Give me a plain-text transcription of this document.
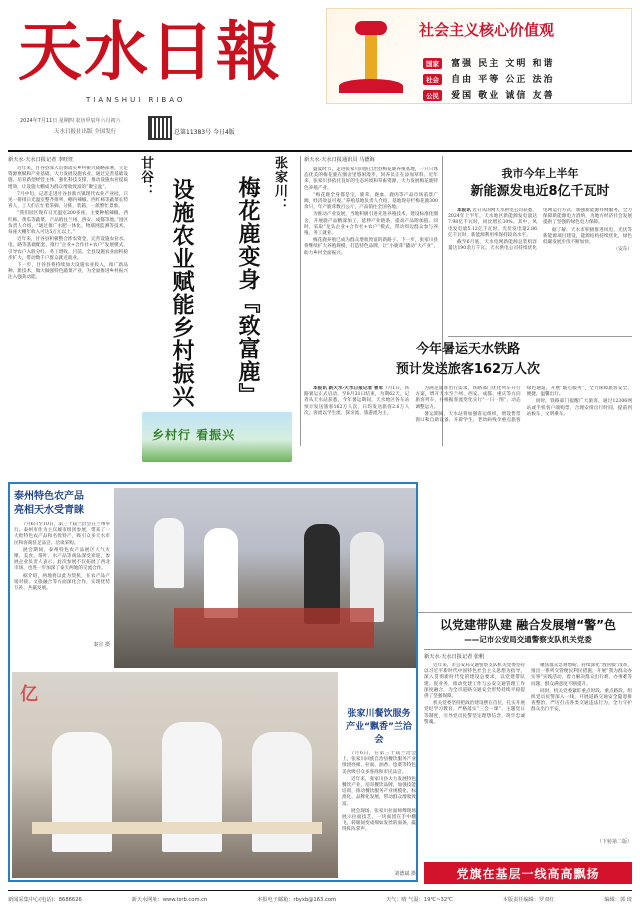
天水日報
TIANSHUI RIBAO
2024年7月11日 星期四 农历甲辰年六月初六
天水日报社出版 全国发行	总第11383号 今日4版
社会主义核心价值观
国家 富强 民主 文明 和谐
社会 自由 平等 公正 法治
公民 爱国 敬业 诚信 友善
新天水·天水日报记者 李旺旺

近年来，甘谷县深入贯彻落实乡村振兴战略部署，立足资源禀赋和产业基础，大力发展设施农业，通过完善基础设施、培育新型经营主体、强化科技支撑，推动设施农业提质增效，让设施大棚成为群众增收致富的“聚宝盆”。

7月中旬，记者走进甘谷县新兴镇现代农业产业园，只见一排排日光温室整齐排列，棚内辣椒、西红柿等蔬菜长势喜人，工人们正忙着采摘、分拣、装箱，一派繁忙景象。

“我们园区现有日光温室200多座，主要种植辣椒、西红柿、黄瓜等蔬菜，产品销往兰州、西安、成都等地。”园区负责人介绍，“通过推广水肥一体化、物联网监测等技术，每座大棚年收入可达5万元以上。”

近年来，甘谷县积极整合涉农资金，完善设施农业水、电、路等基础配套，推行“企业+合作社+农户”发展模式，引导农户入股分红、务工增收。目前，全县设施农业面积稳步扩大，带动数千户群众就近就业。

下一步，甘谷县将持续加大设施农业投入，推广新品种、新技术，做大做强特色蔬菜产业，为全面推进乡村振兴注入强劲动能。

甘谷：
设施农业赋能乡村振兴
乡村行 看振兴
张家川：
梅花鹿变身『致富鹿』
新天水·天水日报通讯员 马德海

盛夏时节，走进张家川回族自治县梅花鹿养殖基地，一只只体态优美的梅花鹿在圈舍里悠闲漫步，饲养员正在添加草料。近年来，张家川县依托良好的生态环境和草畜资源，大力发展梅花鹿特色养殖产业。

“梅花鹿全身都是宝，鹿茸、鹿血、鹿肉等产品市场前景广阔，经济效益可观。”养殖基地负责人介绍，基地现存栏梅花鹿300余只，年产鹿茸数百公斤，产品销往全国各地。

为推动产业发展，当地积极引进先进养殖技术，建设标准化圈舍，开展鹿产品精深加工，延伸产业链条，提高产品附加值。同时，采取“龙头企业+合作社+农户”模式，带动周边群众参与养殖、务工就业。

梅花鹿养殖已成为群众增收致富的新路子。下一步，张家川县将继续扩大养殖规模，打造特色品牌，让“小鹿茸”撬动“大产业”，助力乡村全面振兴。

我市今年上半年
新能源发电近8亿千瓦时

本报讯 近日从国网天水供电公司获悉，2024年上半年，天水地区新能源发电量达7.98亿千瓦时，同比增长30%。其中，风电发电量5.12亿千瓦时，光伏发电量2.86亿千瓦时，新能源利用率保持较高水平。

截至6月底，天水电网新能源总装机容量达190余万千瓦。天水供电公司持续优化电网运行方式，加强新能源并网服务，全力保障新能源电力消纳，为地方经济社会发展提供了坚强的绿色电力保障。

据了解，天水市积极推进风电、光伏等新能源项目建设，能源结构持续优化，绿色低碳发展步伐不断加快。

（安东）

今年暑运天水铁路
预计发送旅客162万人次

本报讯 新天水·天水日报记者 曾军 7月1日，铁路暑运正式启动，至8月31日结束，为期62天。记者从天水站获悉，今年暑运期间，天水地区各车站预计发送旅客162万人次，日均发送旅客2.6万人次，客流以学生流、探亲流、旅游流为主。

为满足旅客出行需求，铁路部门优化列车开行方案，增开天水至兰州、西安、成都、重庆等方向旅客列车，并根据客流变化实行“一日一图”，动态调整运力。

暑运期间，天水站将加强客运组织，增设售票窗口和自助设备，开辟学生、老幼病残孕重点旅客绿色通道，开展“暖心服务”，全力保障旅客安全、便捷、温馨出行。

同时，铁路部门提醒广大旅客，通过12306网站或手机客户端购票，合理安排出行时间，提前到站候车，文明乘车。

泰州特色农产品
亮相天水受青睐

7月6日至10日，第三十届兰洽会在兰州举行。泰州市作为主宾城市组团参展，带来了一大批特色农产品和名优特产，吸引众多天水市民和客商驻足品尝、洽谈采购。

展会期间，泰州特色农产品展区人气火爆，美食、茶叶、水产品等商品深受欢迎。参展企业负责人表示，此次参展不仅拓展了西北市场，也进一步加深了泰天两地的交流合作。

据介绍，两地将以此为契机，在农产品产销对接、文旅融合等方面深化合作，实现优势互补、共赢发展。

秦宣 摄
亿
张家川餐饮服务
产业“飘香”兰洽会

7月6日，在第三十届兰洽会上，张家川回族自治县餐饮服务产业组团亮相，拉面、油香、烩菜等特色美食吸引众多客商和市民品尝。

近年来，张家川县大力发展特色餐饮产业，培育餐饮品牌，加强技能培训，推动餐饮服务产业规模化、标准化、品牌化发展，带动群众增收致富。

展会现场，张家川拉面师傅现场展示拉面技艺，一块面团在手中翻飞，转眼间变成细如发丝的面条，赢得阵阵掌声。

刘德斌 摄
以党建带队建 融合发展增“警”色
——记市公安局交通警察支队机关党委
新天水·天水日报记者 张帆

近年来，市公安局交通警察支队机关党委坚持以习近平新时代中国特色社会主义思想为指导，深入贯彻新时代党的建设总要求，以党建带队建、促业务，推动党建工作与公安交通管理工作深度融合，为全市道路交通安全形势持续平稳提供了坚强保障。

机关党委坚持把政治建设摆在首位，扎实开展党纪学习教育，严格落实“三会一课”、主题党日等制度，引导党员民警坚定理想信念、筑牢忠诚警魂。

聚焦群众急难愁盼，持续深化“放管服”改革，推出一系列交管便民利民措施，开展“我为群众办实事”实践活动，着力解决群众出行难、办事难等问题，群众满意度不断提升。

同时，机关党委紧盯重点时段、重点路段，组织党员民警深入一线，开展道路交通安全隐患排查整治，严厉打击各类交通违法行为，全力守护群众出行平安。

（下转第二版）
党旗在基层一线高高飘扬
新闻采集中心(电话)：8686626	新天水网址：www.tsrb.com.cn	本报电子邮箱：rbyxb@163.com	天气：晴 气温：19℃~32℃	本版责任编辑：罗双红	编辑：郭 琦
